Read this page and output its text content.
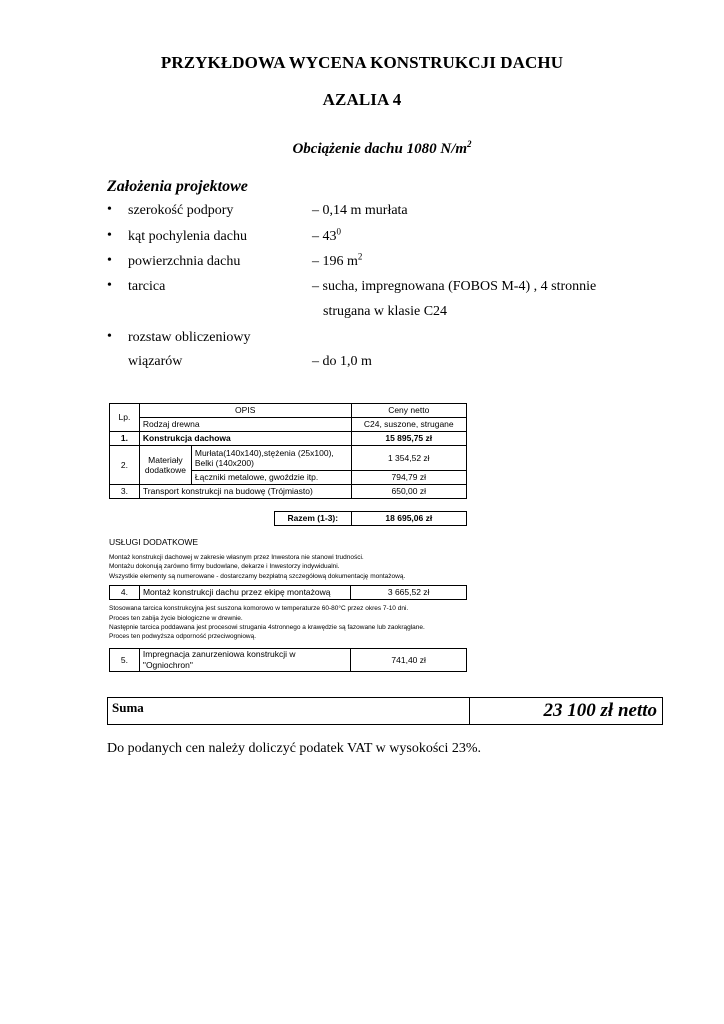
PRZYKŁDOWA WYCENA KONSTRUKCJI DACHU
AZALIA 4
Obciążenie dachu 1080 $N/m^2$
Założenia projektowe
• szerokość podpory	– 0,14 m murłata
• kąt pochylenia dachu	– $43^0$
• powierzchnia dachu	– 196 $m^2$
• tarcica	– sucha, impregnowana (FOBOS M-4) , 4 stronnie
strugana w klasie C24
• rozstaw obliczeniowy
wiązarów	– do 1,0 m
Lp.	OPIS		Ceny netto
	Rodzaj drewna		C24, suszone, strugane
1.	Konstrukcja dachowa		15 895,75 zł
2.	Materiały dodatkowe	Murłata(140x140),stężenia (25x100), Belki (140x200)	1 354,52 zł
		Łączniki metalowe, gwoździe itp.	794,79 zł
3.	Transport konstrukcji na budowę (Trójmiasto)		650,00 zł
Razem (1-3):	18 695,06 zł
USŁUGI DODATKOWE
Montaż konstrukcji dachowej w zakresie własnym przez Inwestora nie stanowi trudności.
Montażu dokonują zarówno firmy budowlane, dekarze i Inwestorzy indywidualni.
Wszystkie elementy są numerowane - dostarczamy bezpłatną szczegółową dokumentację montażową.
4.	Montaż konstrukcji dachu przez ekipę montażową	3 665,52 zł
Stosowana tarcica konstrukcyjna jest suszona komorowo w temperaturze 60-80°C przez okres 7-10 dni.
Proces ten zabija życie biologiczne w drewnie.
Następnie tarcica poddawana jest procesowi strugania 4stronnego a krawędzie są fazowane lub zaokrąglane.
Proces ten podwyższa odporność przeciwogniową.
5.	Impregnacja zanurzeniowa konstrukcji w "Ogniochron"	741,40 zł
Suma	23 100 zł netto
Do podanych cen należy doliczyć podatek VAT w wysokości 23%.
